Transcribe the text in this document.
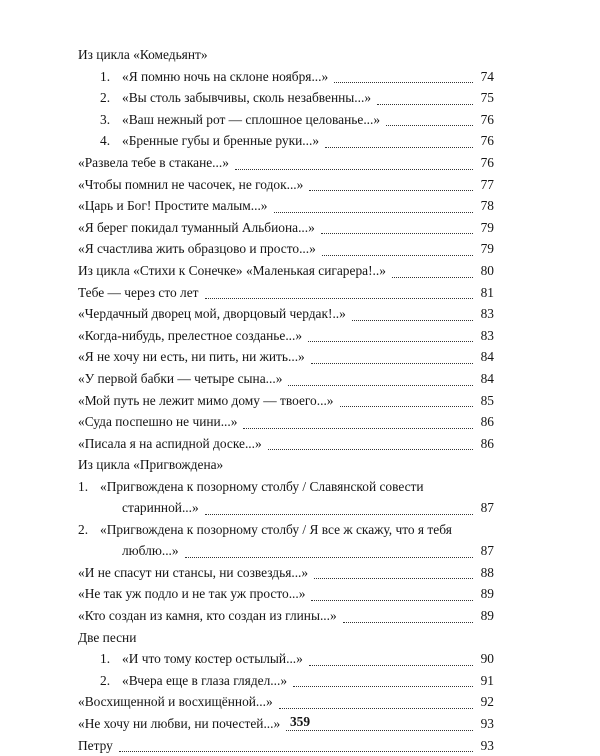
Из цикла «Комедьянт»
1. «Я помню ночь на склоне ноября...»	74
2. «Вы столь забывчивы, сколь незабвенны...»	75
3. «Ваш нежный рот — сплошное целованье...»	76
4. «Бренные губы и бренные руки...»	76
«Развела тебе в стакане...»	76
«Чтобы помнил не часочек, не годок...»	77
«Царь и Бог! Простите малым...»	78
«Я берег покидал туманный Альбиона...»	79
«Я счастлива жить образцово и просто...»	79
Из цикла «Стихи к Сонечке» «Маленькая сигарера!..»	80
Тебе — через сто лет	81
«Чердачный дворец мой, дворцовый чердак!..»	83
«Когда-нибудь, прелестное созданье...»	83
«Я не хочу ни есть, ни пить, ни жить...»	84
«У первой бабки — четыре сына...»	84
«Мой путь не лежит мимо дому — твоего...»	85
«Суда поспешно не чини...»	86
«Писала я на аспидной доске...»	86
Из цикла «Пригвождена»
1. «Пригвождена к позорному столбу / Славянской совести
старинной...»	87
2. «Пригвождена к позорному столбу / Я все ж скажу, что я тебя
люблю...»	87
«И не спасут ни стансы, ни созвездья...»	88
«Не так уж подло и не так уж просто...»	89
«Кто создан из камня, кто создан из глины...»	89
Две песни
1. «И что тому костер остылый...»	90
2. «Вчера еще в глаза глядел...»	91
«Восхищенной и восхищённой...»	92
«Не хочу ни любви, ни почестей...»	93
Петру	93
359
